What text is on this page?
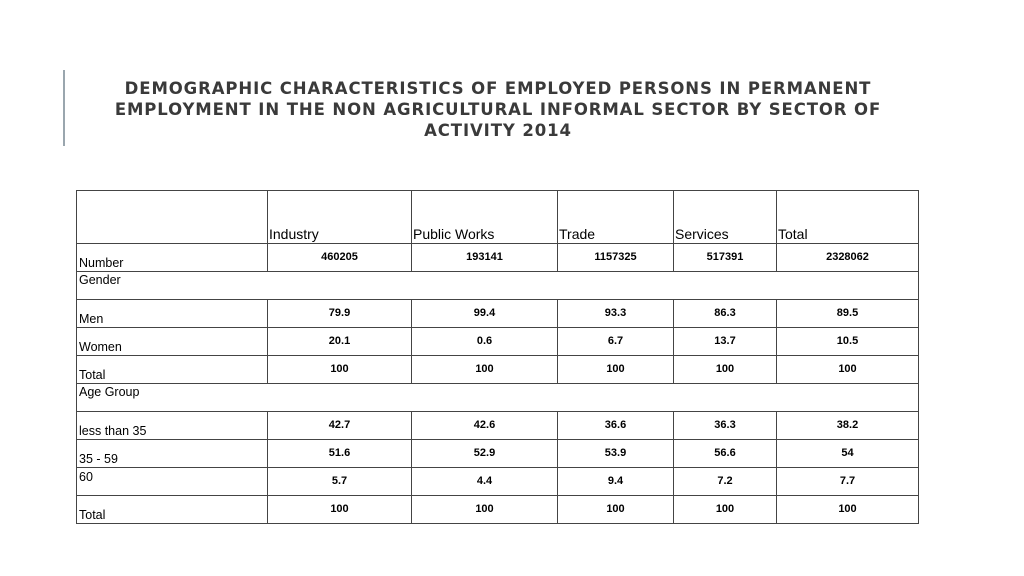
DEMOGRAPHIC CHARACTERISTICS OF EMPLOYED PERSONS IN PERMANENT EMPLOYMENT IN THE NON AGRICULTURAL INFORMAL SECTOR BY SECTOR OF ACTIVITY 2014
	Industry	Public Works	Trade	Services	Total
Number	460205	193141	1157325	517391	2328062
Gender					
Men	79.9	99.4	93.3	86.3	89.5
Women	20.1	0.6	6.7	13.7	10.5
Total	100	100	100	100	100
Age Group					
less than 35	42.7	42.6	36.6	36.3	38.2
35 - 59	51.6	52.9	53.9	56.6	54
60	5.7	4.4	9.4	7.2	7.7
Total	100	100	100	100	100
